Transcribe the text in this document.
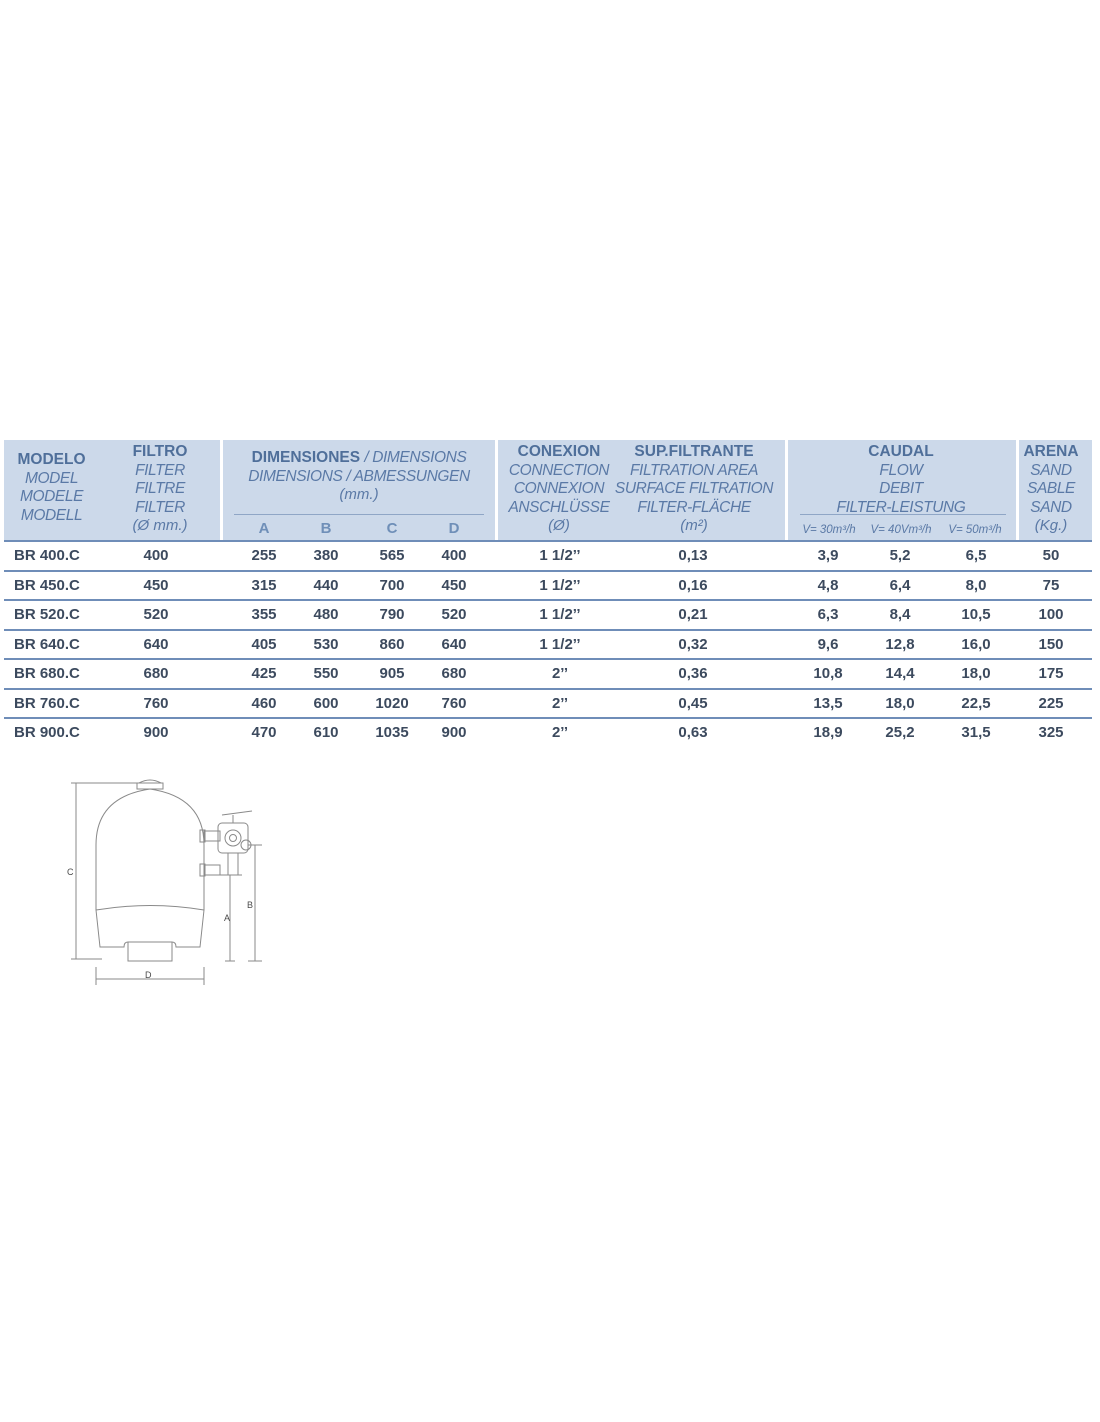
MODELO
MODEL
MODELE
MODELL
FILTRO
FILTER
FILTRE
FILTER
(Ø mm.)
DIMENSIONES / DIMENSIONS
DIMENSIONS / ABMESSUNGEN
(mm.)
A	B	C	D
CONEXION
CONNECTION
CONNEXION
ANSCHLÜSSE
(Ø)
SUP.FILTRANTE
FILTRATION AREA
SURFACE FILTRATION
FILTER-FLÄCHE
(m²)
CAUDAL
FLOW
DEBIT
FILTER-LEISTUNG
V= 30m³/h	V= 40Vm³/h	V= 50m³/h
ARENA
SAND
SABLE
SAND
(Kg.)
BR 400.C	400	255	380	565	400	1 1/2’’	0,13	3,9	5,2	6,5	50
BR 450.C	450	315	440	700	450	1 1/2’’	0,16	4,8	6,4	8,0	75
BR 520.C	520	355	480	790	520	1 1/2’’	0,21	6,3	8,4	10,5	100
BR 640.C	640	405	530	860	640	1 1/2’’	0,32	9,6	12,8	16,0	150
BR 680.C	680	425	550	905	680	2’’	0,36	10,8	14,4	18,0	175
BR 760.C	760	460	600	1020	760	2’’	0,45	13,5	18,0	22,5	225
BR 900.C	900	470	610	1035	900	2’’	0,63	18,9	25,2	31,5	325
C
A
B
D
